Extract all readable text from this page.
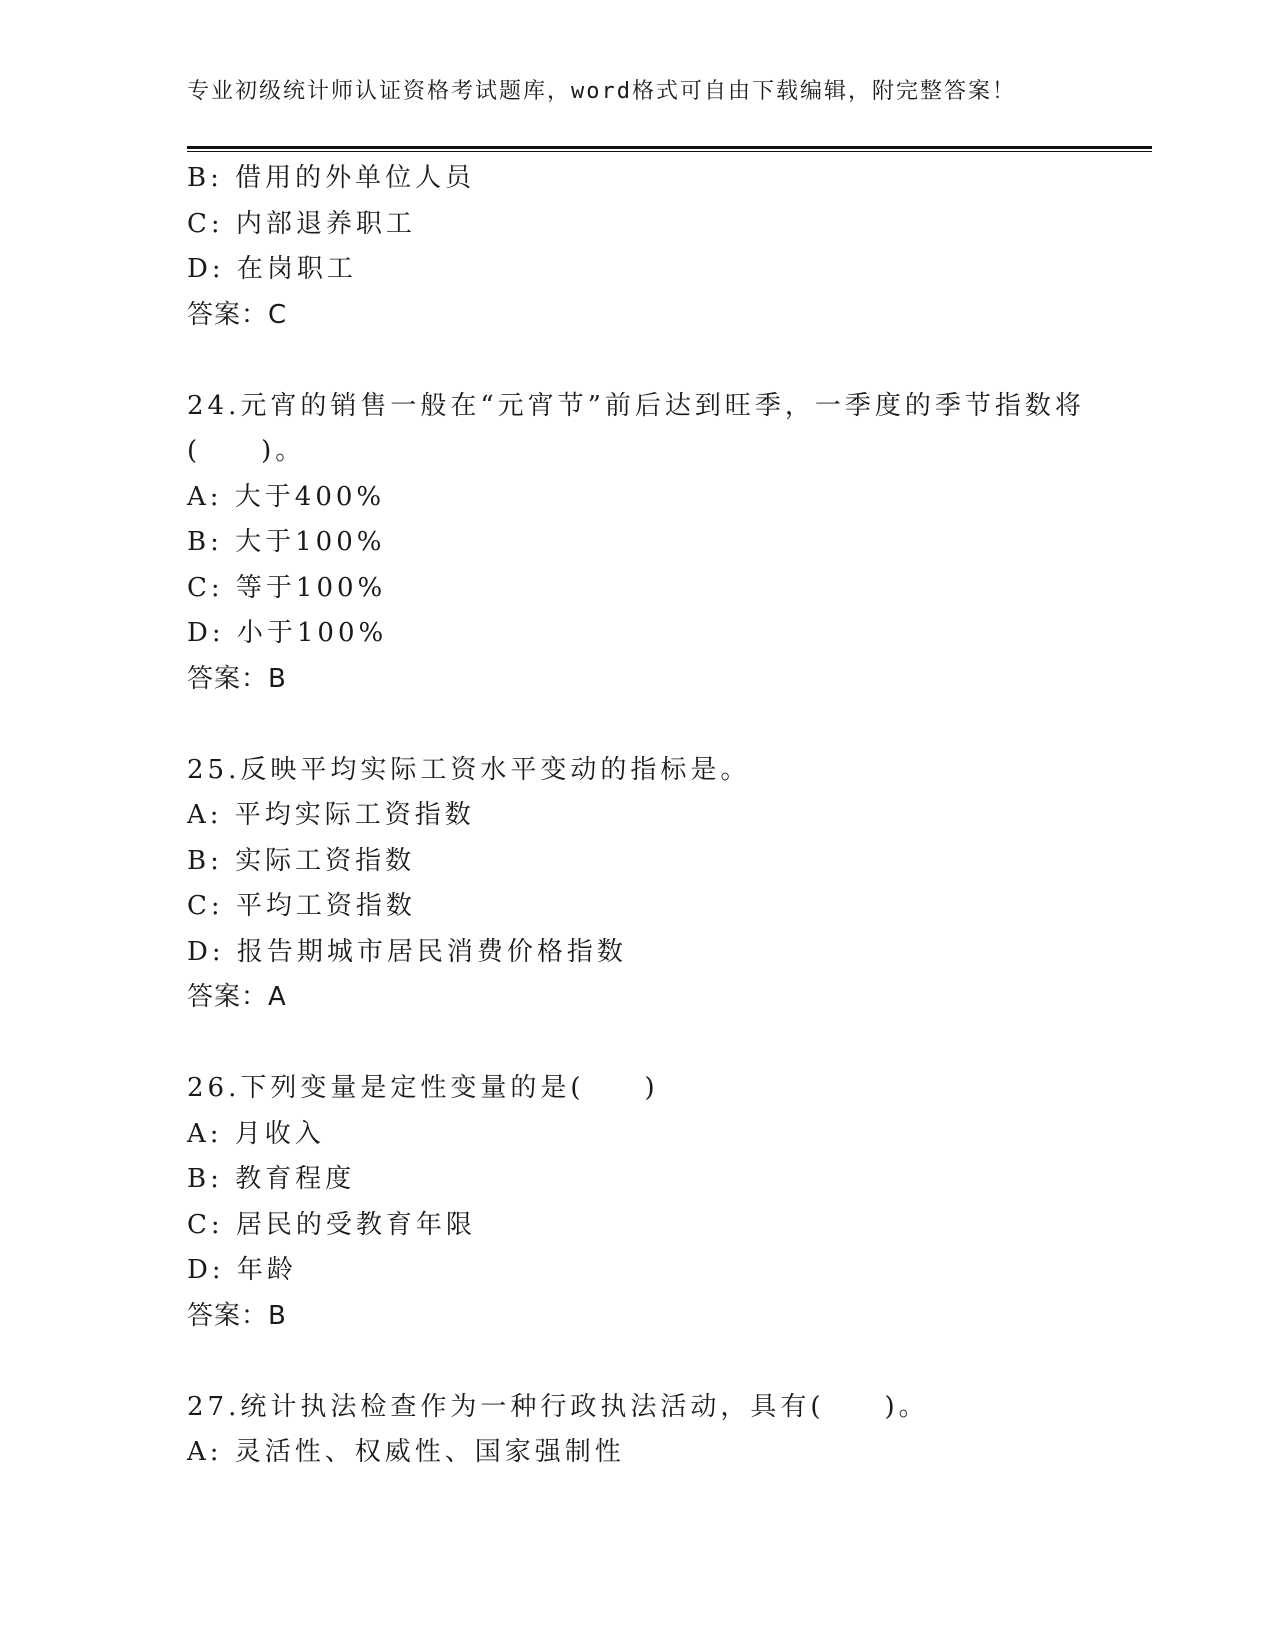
专业初级统计师认证资格考试题库，word格式可自由下载编辑，附完整答案！
B: 借用的外单位人员
C: 内部退养职工
D: 在岗职工
答案：C
24.元宵的销售一般在“元宵节”前后达到旺季，一季度的季节指数将
(　　)。
A: 大于400%
B: 大于100%
C: 等于100%
D: 小于100%
答案：B
25.反映平均实际工资水平变动的指标是。
A: 平均实际工资指数
B: 实际工资指数
C: 平均工资指数
D: 报告期城市居民消费价格指数
答案：A
26.下列变量是定性变量的是(　　)
A: 月收入
B: 教育程度
C: 居民的受教育年限
D: 年龄
答案：B
27.统计执法检查作为一种行政执法活动，具有(　　)。
A: 灵活性、权威性、国家强制性
